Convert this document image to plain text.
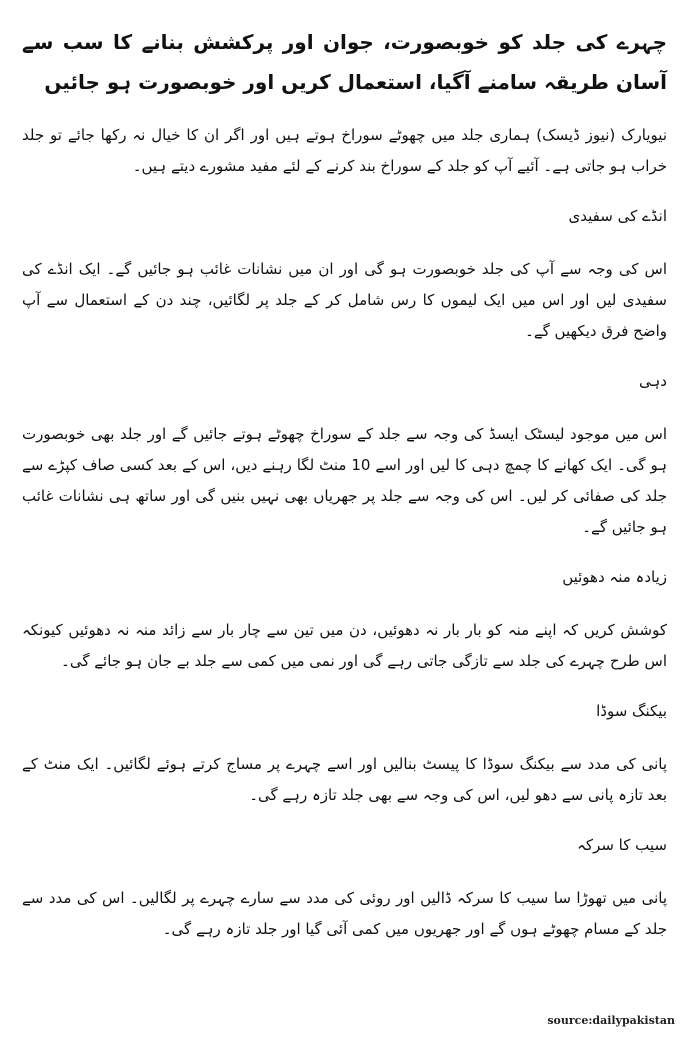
چہرے کی جلد کو خوبصورت، جوان اور پرکشش بنانے کا سب سے آسان طریقہ سامنے آگیا، استعمال کریں اور خوبصورت ہو جائیں

نیویارک (نیوز ڈیسک) ہماری جلد میں چھوٹے سوراخ ہوتے ہیں اور اگر ان کا خیال نہ رکھا جائے تو جلد خراب ہو جاتی ہے۔ آئیے آپ کو جلد کے سوراخ بند کرنے کے لئے مفید مشورے دیتے ہیں۔

انڈے کی سفیدی

اس کی وجہ سے آپ کی جلد خوبصورت ہو گی اور ان میں نشانات غائب ہو جائیں گے۔ ایک انڈے کی سفیدی لیں اور اس میں ایک لیموں کا رس شامل کر کے جلد پر لگائیں، چند دن کے استعمال سے آپ واضح فرق دیکھیں گے۔

دہی

اس میں موجود لیسٹک ایسڈ کی وجہ سے جلد کے سوراخ چھوٹے ہوتے جائیں گے اور جلد بھی خوبصورت ہو گی۔ ایک کھانے کا چمچ دہی کا لیں اور اسے 10 منٹ لگا رہنے دیں، اس کے بعد کسی صاف کپڑے سے جلد کی صفائی کر لیں۔ اس کی وجہ سے جلد پر جھریاں بھی نہیں بنیں گی اور ساتھ ہی نشانات غائب ہو جائیں گے۔

زیادہ منہ دھوئیں

کوشش کریں کہ اپنے منہ کو بار بار نہ دھوئیں، دن میں تین سے چار بار سے زائد منہ نہ دھوئیں کیونکہ اس طرح چہرے کی جلد سے تازگی جاتی رہے گی اور نمی میں کمی سے جلد بے جان ہو جائے گی۔

بیکنگ سوڈا

پانی کی مدد سے بیکنگ سوڈا کا پیسٹ بنالیں اور اسے چہرے پر مساج کرتے ہوئے لگائیں۔ ایک منٹ کے بعد تازہ پانی سے دھو لیں، اس کی وجہ سے بھی جلد تازہ رہے گی۔

سیب کا سرکہ

پانی میں تھوڑا سا سیب کا سرکہ ڈالیں اور روئی کی مدد سے سارے چہرے پر لگالیں۔ اس کی مدد سے جلد کے مسام چھوٹے ہوں گے اور جھریوں میں کمی آئی گیا اور جلد تازہ رہے گی۔

source:dailypakistan
